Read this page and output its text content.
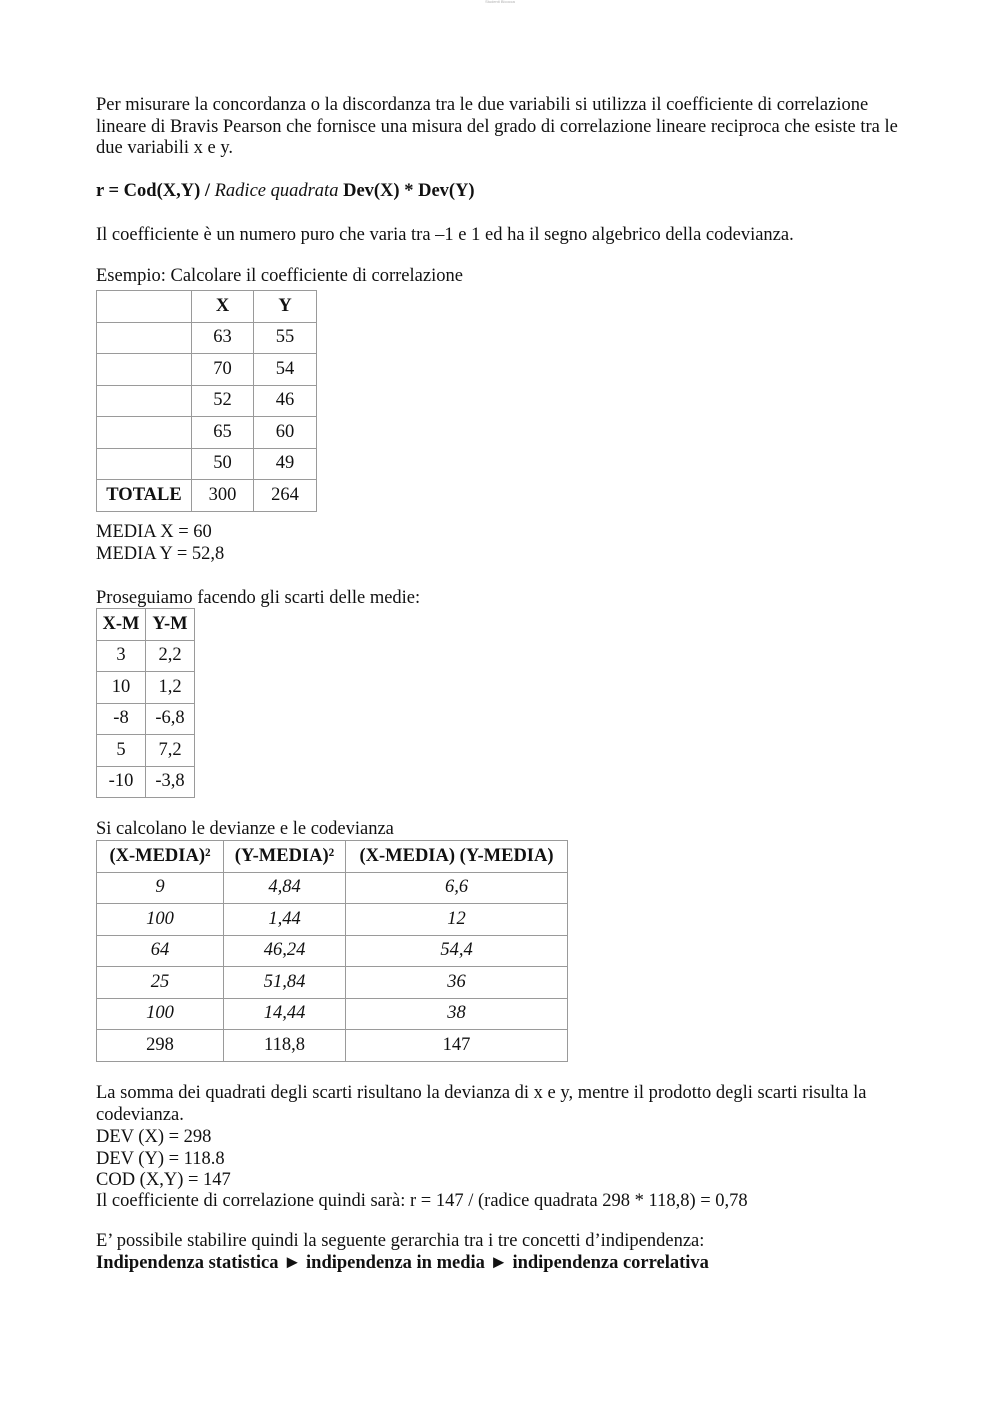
Studenti Bicocca

Per misurare la concordanza o la discordanza tra le due variabili si utilizza il coefficiente di correlazione lineare di Bravis Pearson che fornisce una misura del grado di correlazione lineare reciproca che esiste tra le due variabili x e y.

r = Cod(X,Y) / Radice quadrata Dev(X) * Dev(Y)

Il coefficiente è un numero puro che varia tra –1 e 1 ed ha il segno algebrico della codevianza.

Esempio: Calcolare il coefficiente di correlazione

	X	Y
	63	55
	70	54
	52	46
	65	60
	50	49
TOTALE	300	264

MEDIA X = 60

MEDIA Y = 52,8

Proseguiamo facendo gli scarti delle medie:

X-M	Y-M
3	2,2
10	1,2
-8	-6,8
5	7,2
-10	-3,8

Si calcolano le devianze e le codevianza

(X-MEDIA)²	(Y-MEDIA)²	(X-MEDIA) (Y-MEDIA)
9	4,84	6,6
100	1,44	12
64	46,24	54,4
25	51,84	36
100	14,44	38
298	118,8	147

La somma dei quadrati degli scarti risultano la devianza di x e y, mentre il prodotto degli scarti risulta la codevianza.

DEV (X) = 298

DEV (Y) = 118.8

COD (X,Y) = 147

Il coefficiente di correlazione quindi sarà: r = 147 / (radice quadrata 298 * 118,8) = 0,78

E’ possibile stabilire quindi la seguente gerarchia tra i tre concetti d’indipendenza:

Indipendenza statistica ► indipendenza in media ► indipendenza correlativa
